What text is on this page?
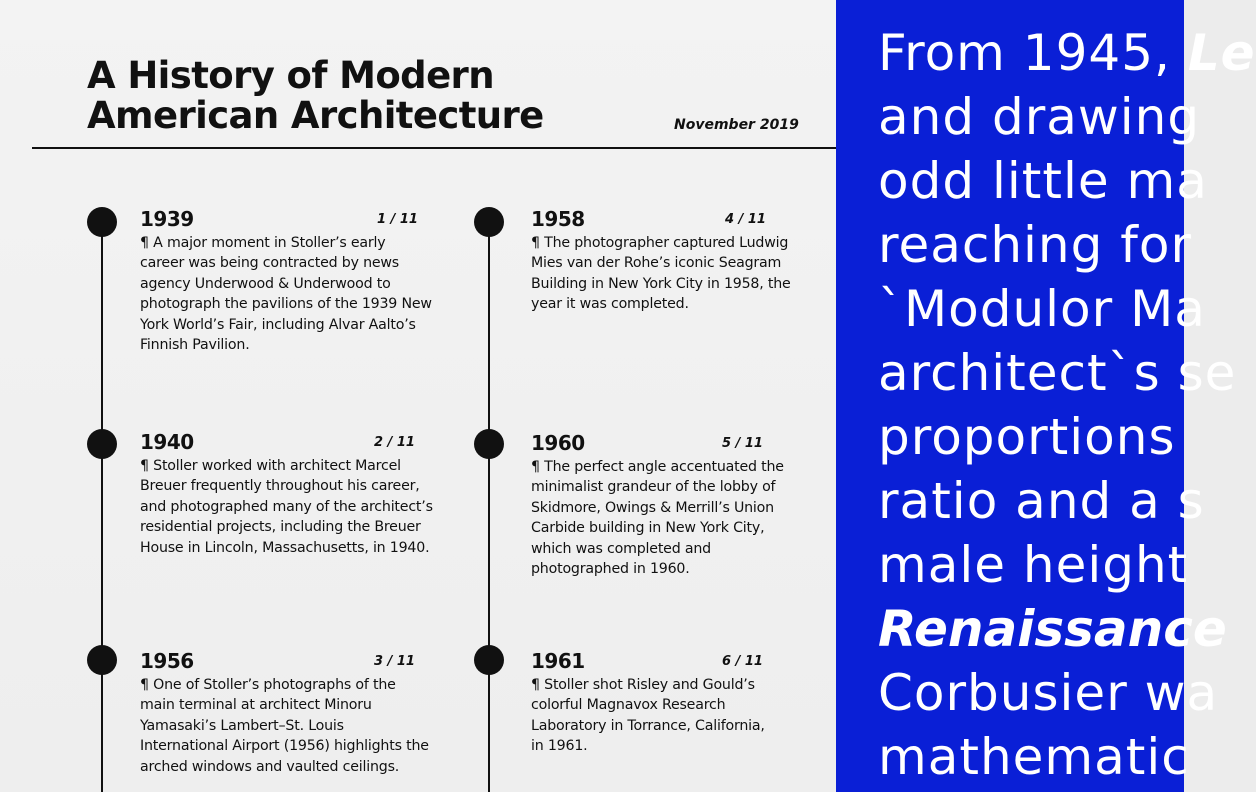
A History of Modern
American Architecture	November 2019
1939	1 / 11
¶ A major moment in Stoller’s early career was being contracted by news agency Underwood & Underwood to photograph the pavilions of the 1939 New York World’s Fair, including Alvar Aalto’s Finnish Pavilion.
1940	2 / 11
¶ Stoller worked with architect Marcel Breuer frequently throughout his career, and photographed many of the architect’s residential projects, including the Breuer House in Lincoln, Massachusetts, in 1940.
1956	3 / 11
¶ One of Stoller’s photographs of the main terminal at architect Minoru Yamasaki’s Lambert–St. Louis International Airport (1956) highlights the arched windows and vaulted ceilings.
1958	4 / 11
¶ The photographer captured Ludwig Mies van der Rohe’s iconic Seagram Building in New York City in 1958, the year it was completed.
1960	5 / 11
¶ The perfect angle accentuated the minimalist grandeur of the lobby of Skidmore, Owings & Merrill’s Union Carbide building in New York City, which was completed and photographed in 1960.
1961	6 / 11
¶ Stoller shot Risley and Gould’s colorful Magnavox Research Laboratory in Torrance, California, in 1961.
From 1945, Le
and drawing
odd little ma
reaching for
`Modulor Ma
architect`s se
proportions
ratio and a s
male height
Renaissance
Corbusier wa
mathematic
